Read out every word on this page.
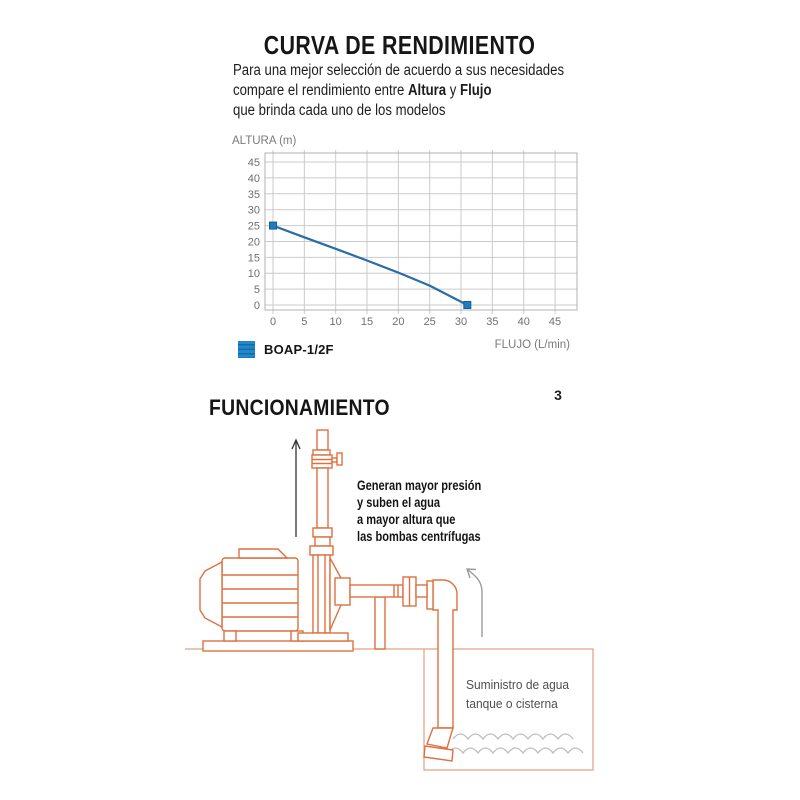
CURVA DE RENDIMIENTO
Para una mejor selección de acuerdo a sus necesidades
compare el rendimiento entre Altura y Flujo
que brinda cada uno de los modelos
ALTURA (m)
FLUJO (L/min)
0 5 10 15 20 25 30 35 40 45
0
5
10
15
20
25
30
35
40
45
BOAP-1/2F
3
FUNCIONAMIENTO
Generan mayor presión
y suben el agua
a mayor altura que
las bombas centrífugas
Suministro de agua
tanque o cisterna
